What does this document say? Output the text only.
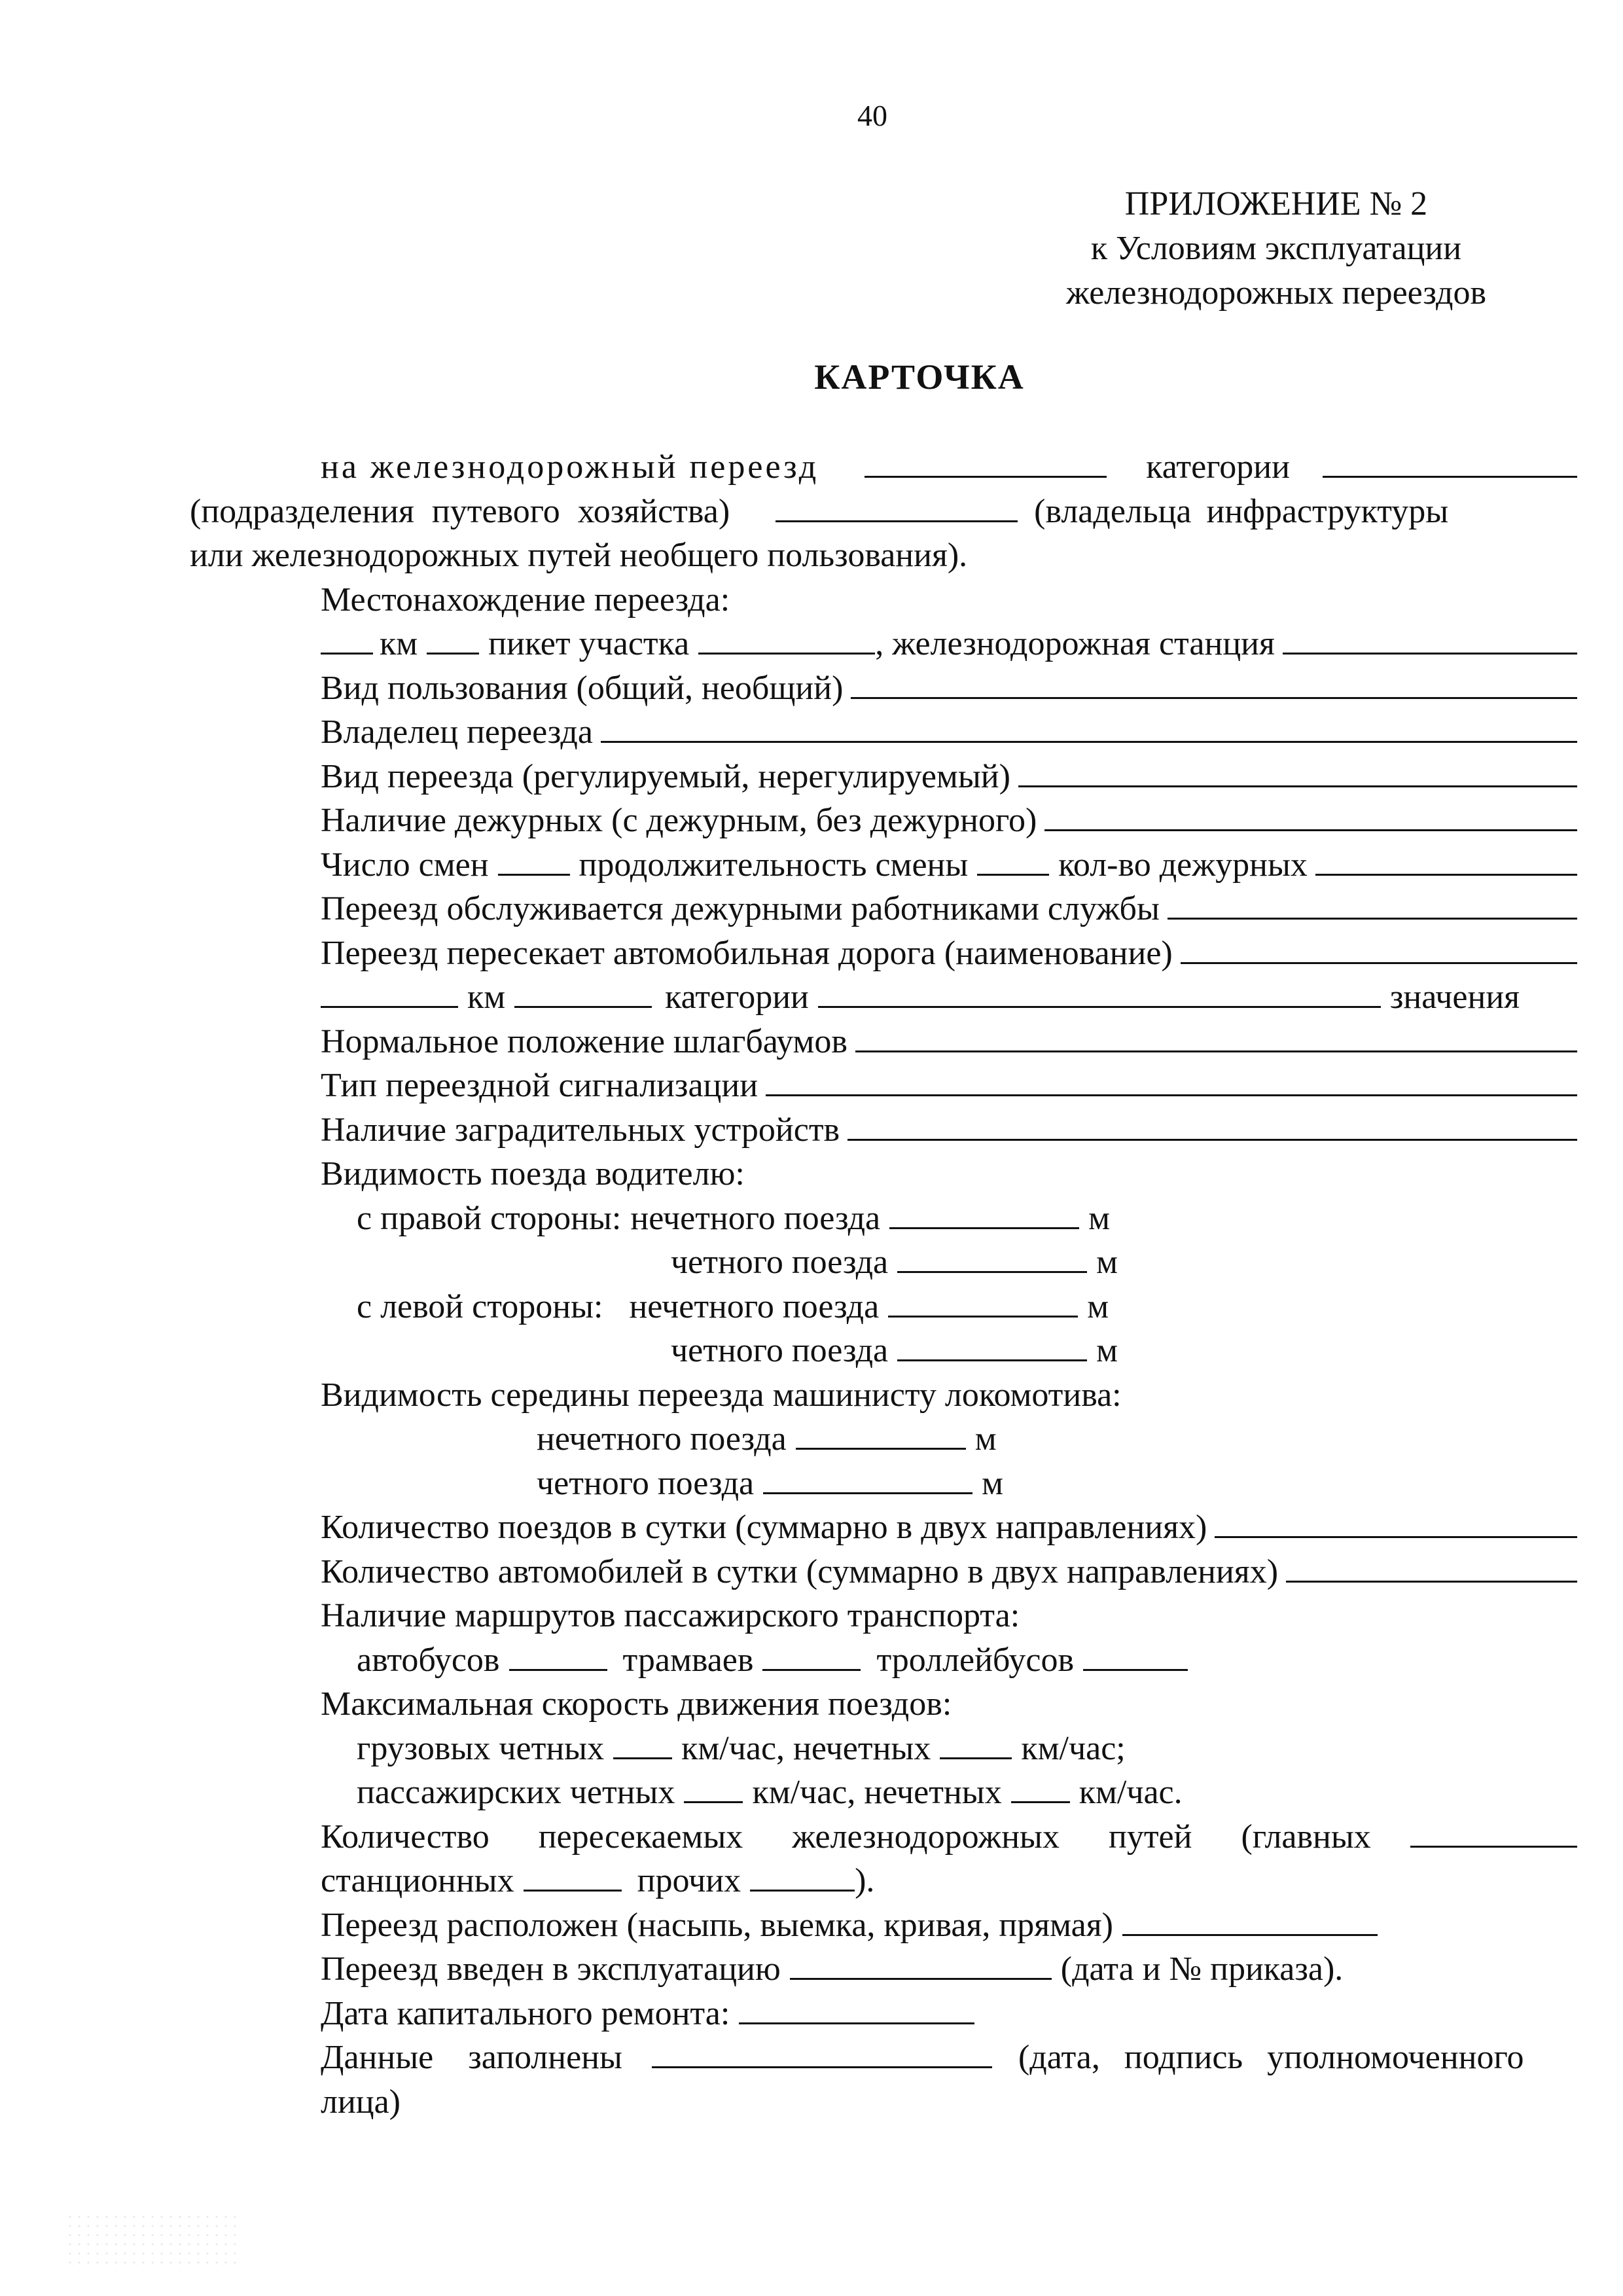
40
ПРИЛОЖЕНИЕ № 2
к Условиям эксплуатации
железнодорожных переездов
КАРТОЧКА
на железнодорожный переезд	категории
(подразделения путевого хозяйства)	(владельца инфраструктуры
или железнодорожных путей необщего пользования).
Местонахождение переезда:
км пикет участка	, железнодорожная станция
Вид пользования (общий, необщий)
Владелец переезда
Вид переезда (регулируемый, нерегулируемый)
Наличие дежурных (с дежурным, без дежурного)
Число смен	продолжительность смены	кол-во дежурных
Переезд обслуживается дежурными работниками службы
Переезд пересекает автомобильная дорога (наименование)
км	категории	значения
Нормальное положение шлагбаумов
Тип переездной сигнализации
Наличие заградительных устройств
Видимость поезда водителю:
с правой стороны: нечетного поезда	м
четного поезда	м
с левой стороны: нечетного поезда	м
четного поезда	м
Видимость середины переезда машинисту локомотива:
нечетного поезда	м
четного поезда	м
Количество поездов в сутки (суммарно в двух направлениях)
Количество автомобилей в сутки (суммарно в двух направлениях)
Наличие маршрутов пассажирского транспорта:
автобусов	трамваев	троллейбусов
Максимальная скорость движения поездов:
грузовых четных км/час, нечетных	км/час;
пассажирских четных км/час, нечетных км/час.
Количество пересекаемых железнодорожных путей (главных
станционных	прочих	).
Переезд расположен (насыпь, выемка, кривая, прямая)
Переезд введен в эксплуатацию	(дата и № приказа).
Дата капитального ремонта:
Данные заполнены	(дата, подпись уполномоченного
лица)
